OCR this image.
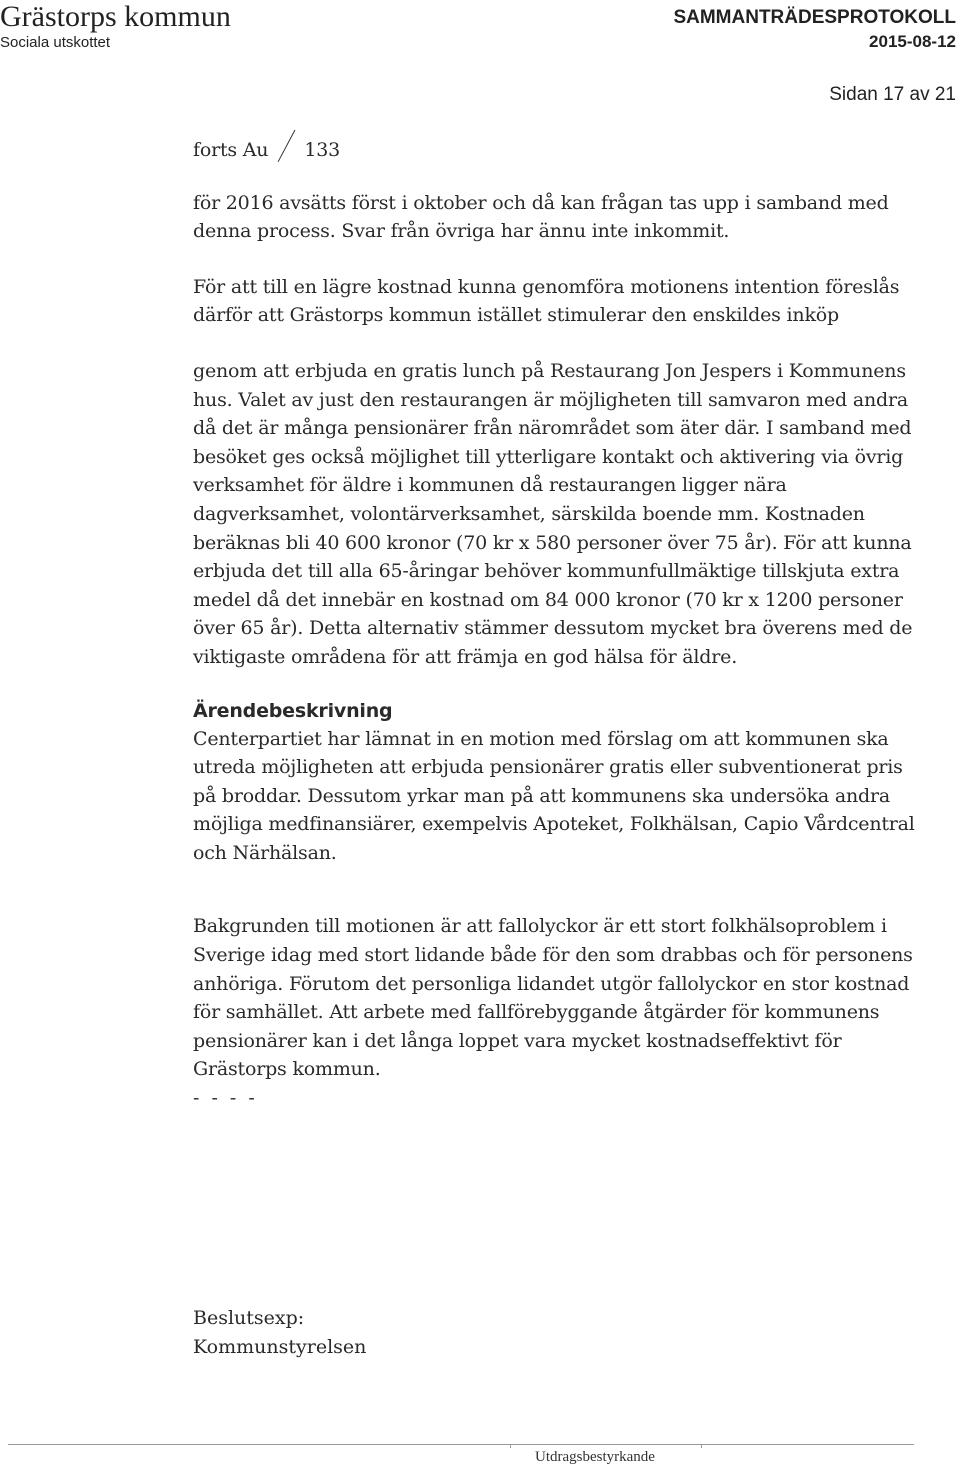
Grästorps kommun
Sociala utskottet
SAMMANTRÄDESPROTOKOLL
2015-08-12
Sidan 17 av 21

forts Au 133

för 2016 avsätts först i oktober och då kan frågan tas upp i samband med denna process. Svar från övriga har ännu inte inkommit.

För att till en lägre kostnad kunna genomföra motionens intention föreslås därför att Grästorps kommun istället stimulerar den enskildes inköp

genom att erbjuda en gratis lunch på Restaurang Jon Jespers i Kommunens hus. Valet av just den restaurangen är möjligheten till samvaron med andra då det är många pensionärer från närområdet som äter där. I samband med besöket ges också möjlighet till ytterligare kontakt och aktivering via övrig verksamhet för äldre i kommunen då restaurangen ligger nära dagverksamhet, volontärverksamhet, särskilda boende mm. Kostnaden beräknas bli 40 600 kronor (70 kr x 580 personer över 75 år). För att kunna erbjuda det till alla 65-åringar behöver kommunfullmäktige tillskjuta extra medel då det innebär en kostnad om 84 000 kronor (70 kr x 1200 personer över 65 år). Detta alternativ stämmer dessutom mycket bra överens med de viktigaste områdena för att främja en god hälsa för äldre.

Ärendebeskrivning

Centerpartiet har lämnat in en motion med förslag om att kommunen ska utreda möjligheten att erbjuda pensionärer gratis eller subventionerat pris på broddar. Dessutom yrkar man på att kommunens ska undersöka andra möjliga medfinansiärer, exempelvis Apoteket, Folkhälsan, Capio Vårdcentral och Närhälsan.

Bakgrunden till motionen är att fallolyckor är ett stort folkhälsoproblem i Sverige idag med stort lidande både för den som drabbas och för personens anhöriga. Förutom det personliga lidandet utgör fallolyckor en stor kostnad för samhället. Att arbete med fallförebyggande åtgärder för kommunens pensionärer kan i det långa loppet vara mycket kostnadseffektivt för Grästorps kommun.

- - - -

Beslutsexp:
Kommunstyrelsen
Utdragsbestyrkande
